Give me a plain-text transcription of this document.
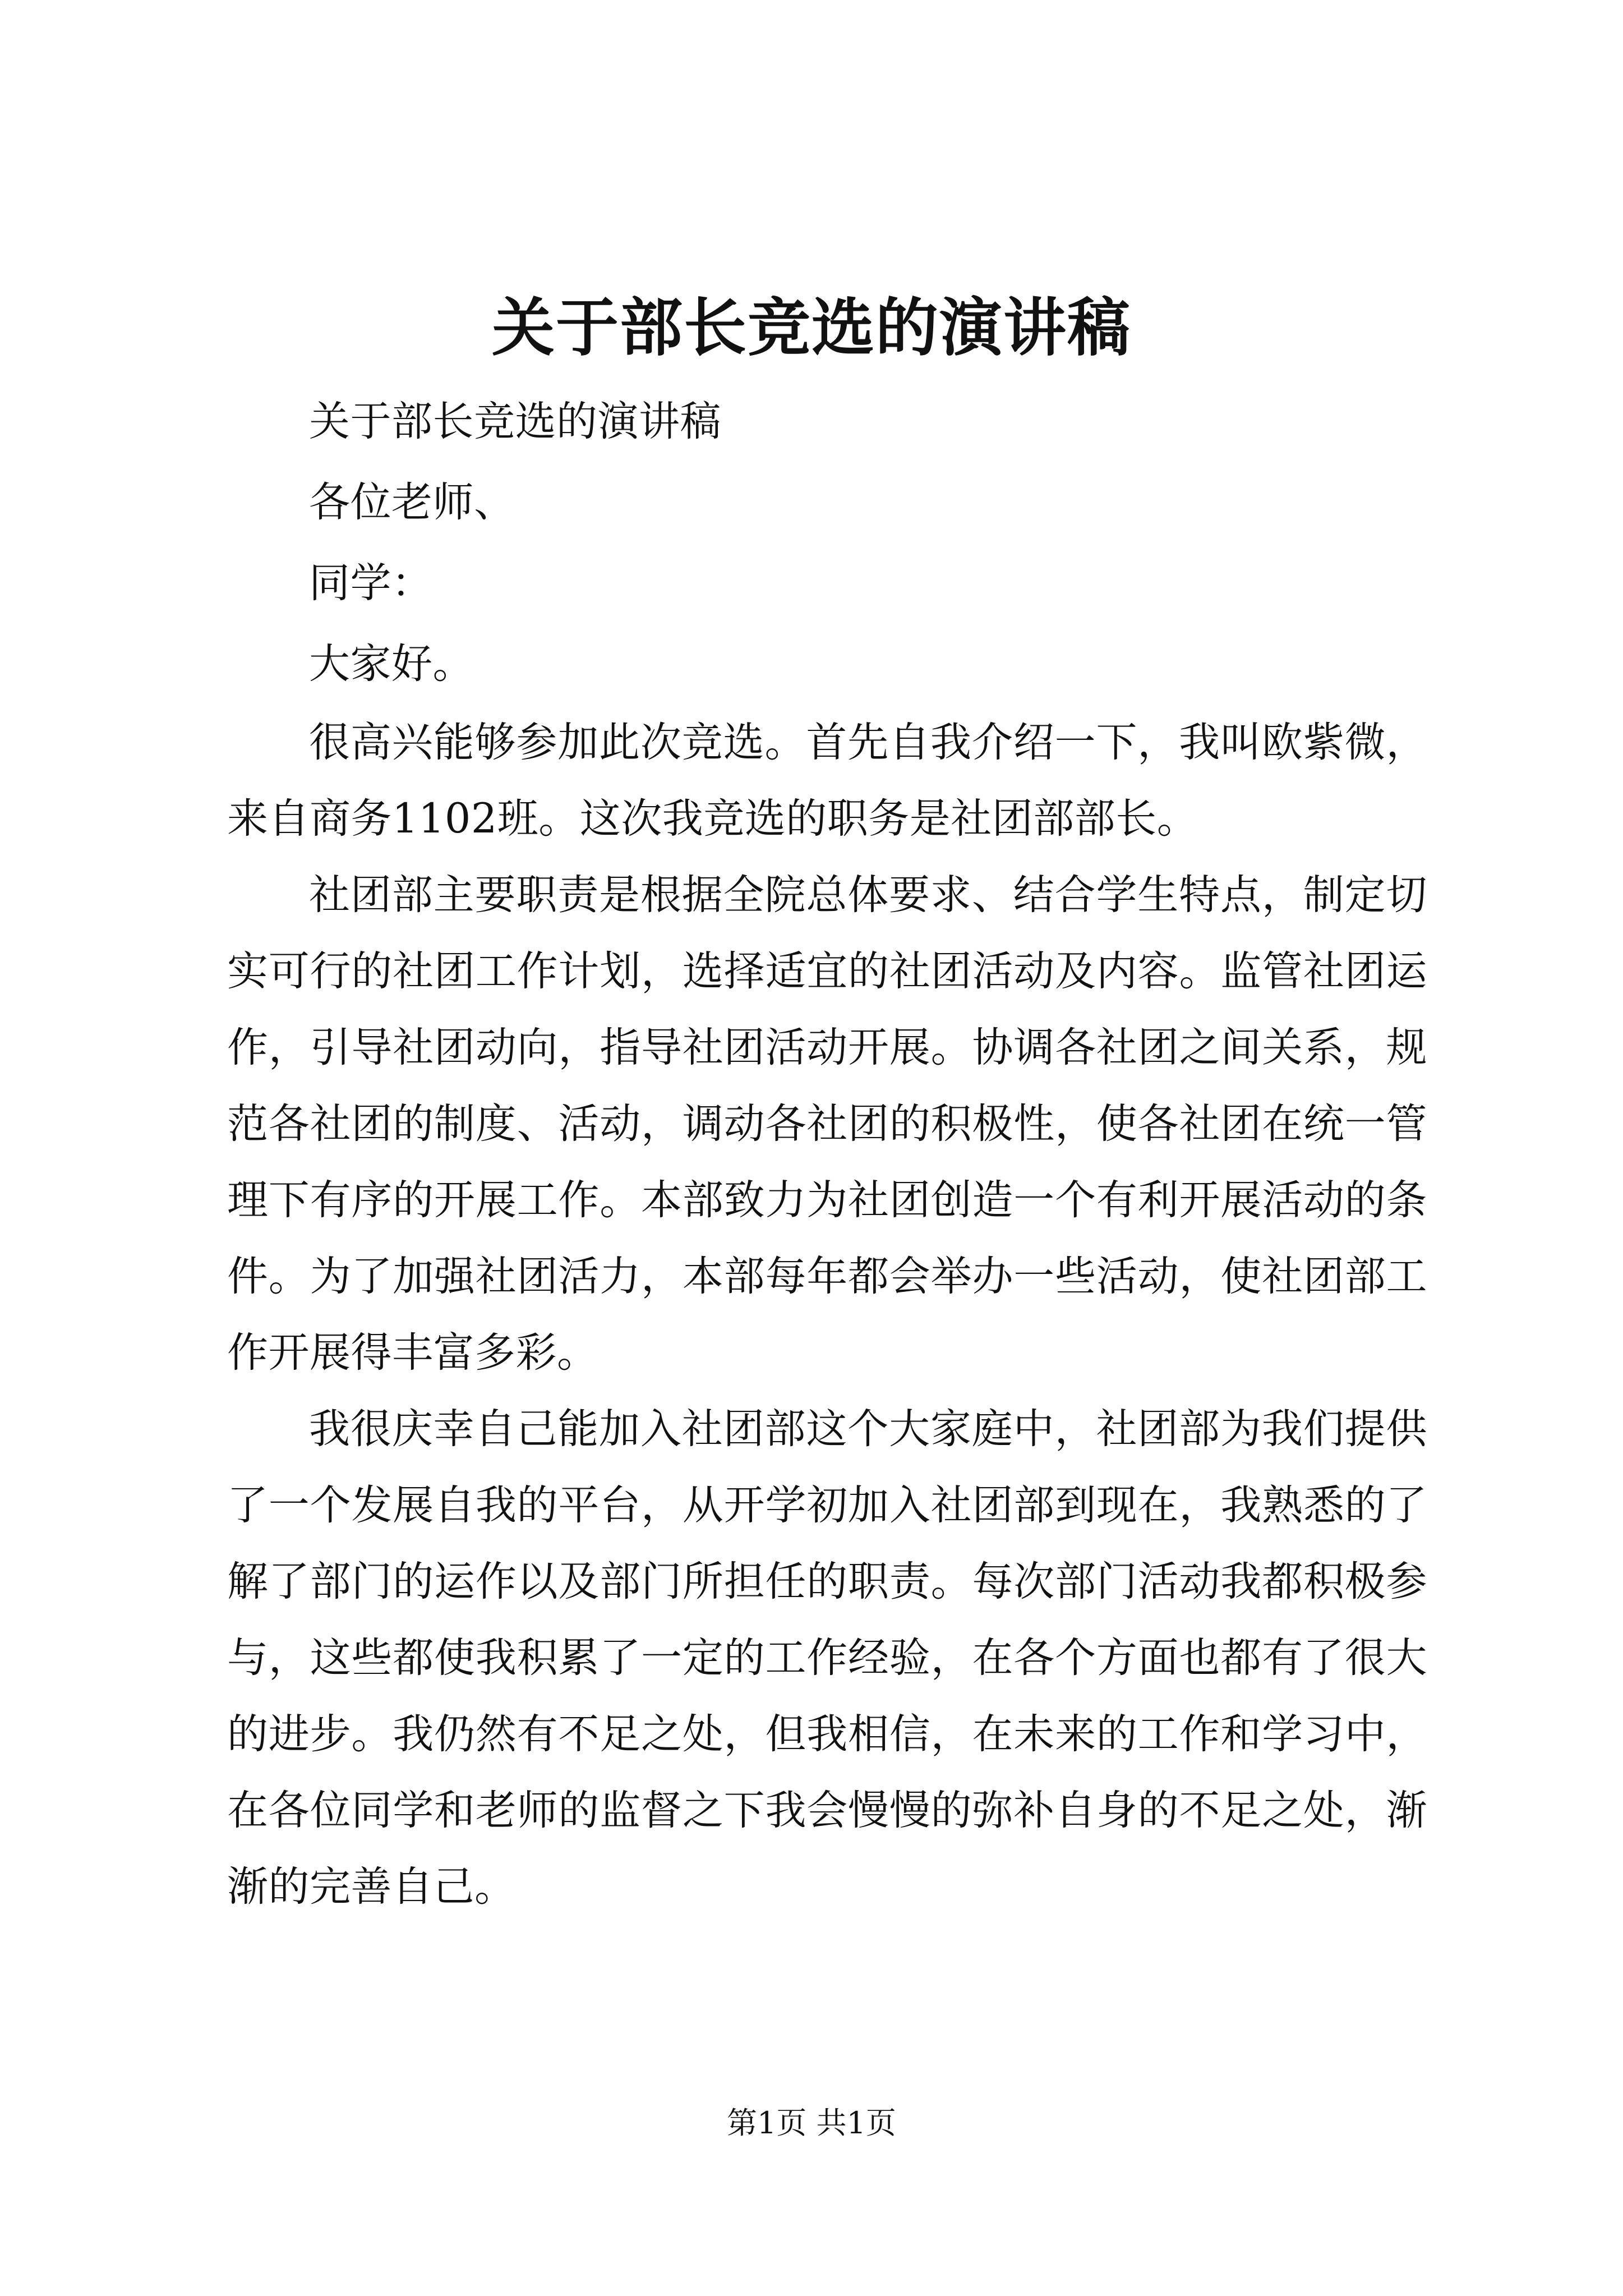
关于部长竞选的演讲稿

关于部长竞选的演讲稿

各位老师、

同学：

大家好。

很高兴能够参加此次竞选。首先自我介绍一下，我叫欧紫微，来自商务1102班。这次我竞选的职务是社团部部长。

社团部主要职责是根据全院总体要求、结合学生特点，制定切实可行的社团工作计划，选择适宜的社团活动及内容。监管社团运作，引导社团动向，指导社团活动开展。协调各社团之间关系，规范各社团的制度、活动，调动各社团的积极性，使各社团在统一管理下有序的开展工作。本部致力为社团创造一个有利开展活动的条件。为了加强社团活力，本部每年都会举办一些活动，使社团部工作开展得丰富多彩。

我很庆幸自己能加入社团部这个大家庭中，社团部为我们提供了一个发展自我的平台，从开学初加入社团部到现在，我熟悉的了解了部门的运作以及部门所担任的职责。每次部门活动我都积极参与，这些都使我积累了一定的工作经验，在各个方面也都有了很大的进步。我仍然有不足之处，但我相信，在未来的工作和学习中，在各位同学和老师的监督之下我会慢慢的弥补自身的不足之处，渐渐的完善自己。

第1页 共1页
